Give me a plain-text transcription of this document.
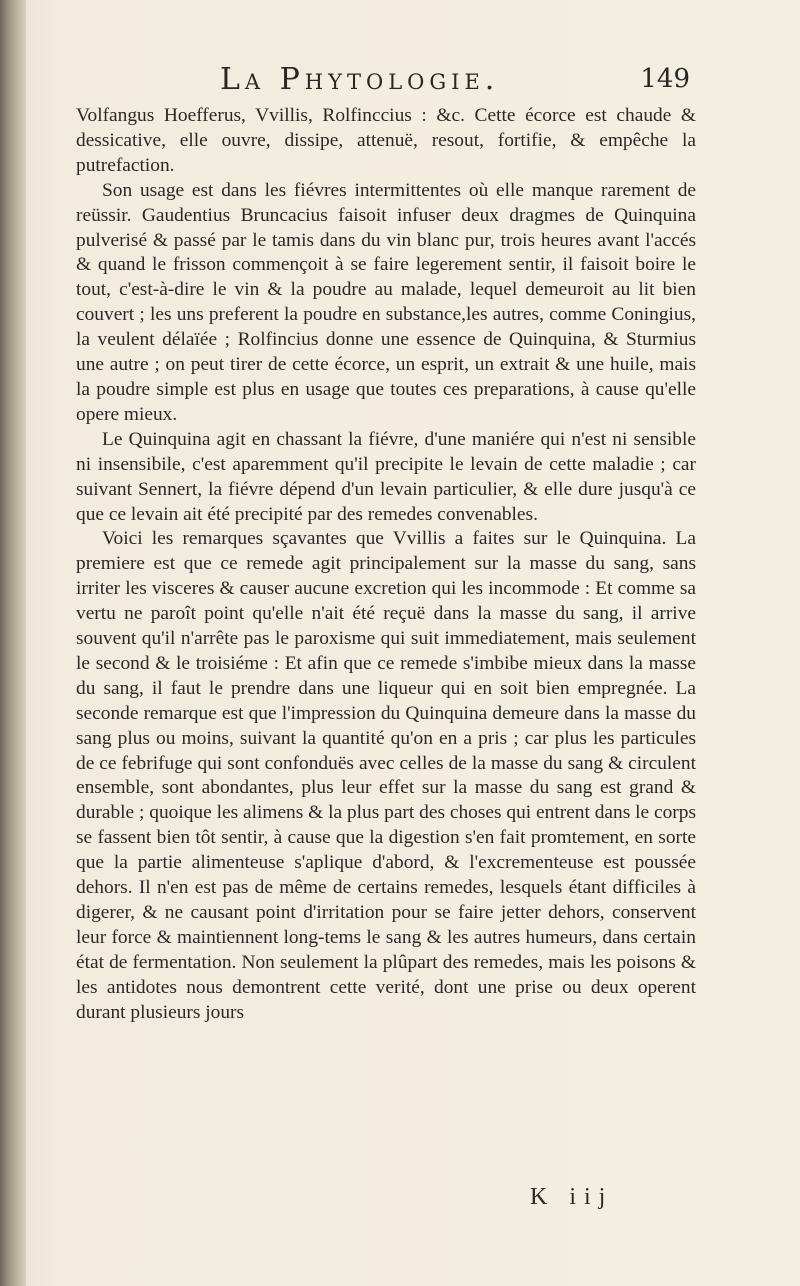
La Phytologie.	149

Volfangus Hoefferus, Vvillis, Rolfinccius : &c. Cette écorce est chaude & dessicative, elle ouvre, dissipe, attenuë, resout, fortifie, & empêche la putrefaction.

Son usage est dans les fiévres intermittentes où elle manque rarement de reüssir. Gaudentius Bruncacius faisoit infuser deux dragmes de Quinquina pulverisé & passé par le tamis dans du vin blanc pur, trois heures avant l'accés & quand le frisson commençoit à se faire legerement sentir, il faisoit boire le tout, c'est-à-dire le vin & la poudre au malade, lequel demeuroit au lit bien couvert ; les uns preferent la poudre en substance,les autres, comme Coningius, la veulent délaïée ; Rolfincius donne une essence de Quinquina, & Sturmius une autre ; on peut tirer de cette écorce, un esprit, un extrait & une huile, mais la poudre simple est plus en usage que toutes ces preparations, à cause qu'elle opere mieux.

Le Quinquina agit en chassant la fiévre, d'une maniére qui n'est ni sensible ni insensibile, c'est aparemment qu'il precipite le levain de cette maladie ; car suivant Sennert, la fiévre dépend d'un levain particulier, & elle dure jusqu'à ce que ce levain ait été precipité par des remedes convenables.

Voici les remarques sçavantes que Vvillis a faites sur le Quinquina. La premiere est que ce remede agit principalement sur la masse du sang, sans irriter les visceres & causer aucune excretion qui les incommode : Et comme sa vertu ne paroît point qu'elle n'ait été reçuë dans la masse du sang, il arrive souvent qu'il n'arrête pas le paroxisme qui suit immediatement, mais seulement le second & le troisiéme : Et afin que ce remede s'imbibe mieux dans la masse du sang, il faut le prendre dans une liqueur qui en soit bien empregnée. La seconde remarque est que l'impression du Quinquina demeure dans la masse du sang plus ou moins, suivant la quantité qu'on en a pris ; car plus les particules de ce febrifuge qui sont confonduës avec celles de la masse du sang & circulent ensemble, sont abondantes, plus leur effet sur la masse du sang est grand & durable ; quoique les alimens & la plus part des choses qui entrent dans le corps se fassent bien tôt sentir, à cause que la digestion s'en fait promtement, en sorte que la partie alimenteuse s'aplique d'abord, & l'excrementeuse est poussée dehors. Il n'en est pas de même de certains remedes, lesquels étant difficiles à digerer, & ne causant point d'irritation pour se faire jetter dehors, conservent leur force & maintiennent long-tems le sang & les autres humeurs, dans certain état de fermentation. Non seulement la plûpart des remedes, mais les poisons & les antidotes nous demontrent cette verité, dont une prise ou deux operent durant plusieurs jours

K iij
